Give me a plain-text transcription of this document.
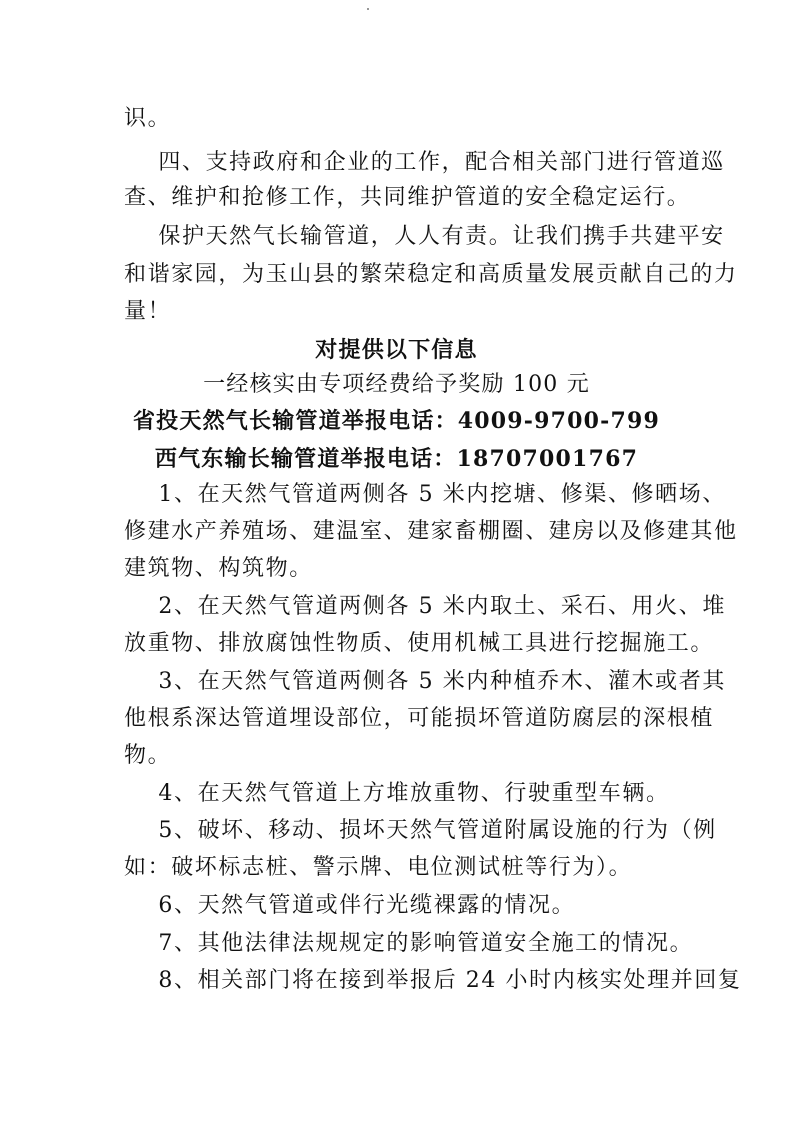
识。
四、支持政府和企业的工作，配合相关部门进行管道巡
查、维护和抢修工作，共同维护管道的安全稳定运行。
保护天然气长输管道，人人有责。让我们携手共建平安
和谐家园，为玉山县的繁荣稳定和高质量发展贡献自己的力
量！
对提供以下信息
一经核实由专项经费给予奖励 100 元
省投天然气长输管道举报电话：4009-9700-799
西气东输长输管道举报电话：18707001767
1、在天然气管道两侧各 5 米内挖塘、修渠、修晒场、
修建水产养殖场、建温室、建家畜棚圈、建房以及修建其他
建筑物、构筑物。
2、在天然气管道两侧各 5 米内取土、采石、用火、堆
放重物、排放腐蚀性物质、使用机械工具进行挖掘施工。
3、在天然气管道两侧各 5 米内种植乔木、灌木或者其
他根系深达管道埋设部位，可能损坏管道防腐层的深根植
物。
4、在天然气管道上方堆放重物、行驶重型车辆。
5、破坏、移动、损坏天然气管道附属设施的行为（例
如：破坏标志桩、警示牌、电位测试桩等行为）。
6、天然气管道或伴行光缆裸露的情况。
7、其他法律法规规定的影响管道安全施工的情况。
8、相关部门将在接到举报后 24 小时内核实处理并回复
